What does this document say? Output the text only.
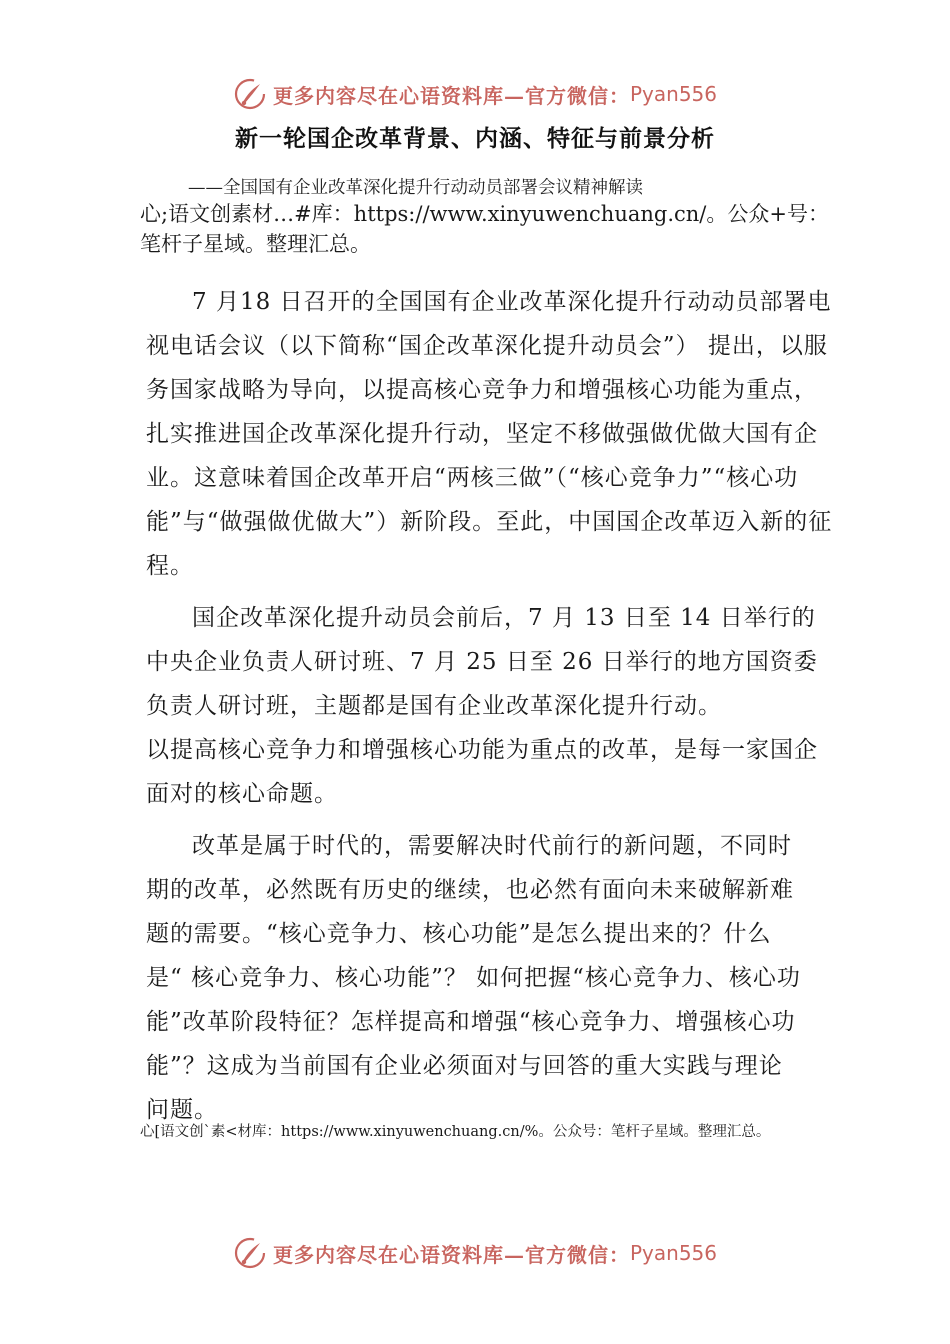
更多内容尽在心语资料库—官方微信： Pyan556
新一轮国企改革背景、内涵、特征与前景分析
——全国国有企业改革深化提升行动动员部署会议精神解读
心;语文创素材…#库：https://www.xinyuwenchuang.cn/。公众+号：笔杆子星域。整理汇总。

7 月18 日召开的全国国有企业改革深化提升行动动员部署电视电话会议（以下简称“国企改革深化提升动员会”） 提出，以服务国家战略为导向，以提高核心竞争力和增强核心功能为重点，扎实推进国企改革深化提升行动，坚定不移做强做优做大国有企业。这意味着国企改革开启“两核三做”（“核心竞争力”“核心功能”与“做强做优做大”）新阶段。至此，中国国企改革迈入新的征程。

国企改革深化提升动员会前后，7 月 13 日至 14 日举行的中央企业负责人研讨班、7 月 25 日至 26 日举行的地方国资委负责人研讨班，主题都是国有企业改革深化提升行动。

以提高核心竞争力和增强核心功能为重点的改革，是每一家国企面对的核心命题。

改革是属于时代的，需要解决时代前行的新问题，不同时期的改革，必然既有历史的继续，也必然有面向未来破解新难题的需要。“核心竞争力、核心功能”是怎么提出来的？什么是“ 核心竞争力、核心功能”？ 如何把握“核心竞争力、核心功能”改革阶段特征？怎样提高和增强“核心竞争力、增强核心功能”？这成为当前国有企业必须面对与回答的重大实践与理论问题。

心[语文创`素<材库：https://www.xinyuwenchuang.cn/%。公众号：笔杆子星域。整理汇总。
更多内容尽在心语资料库—官方微信： Pyan556
